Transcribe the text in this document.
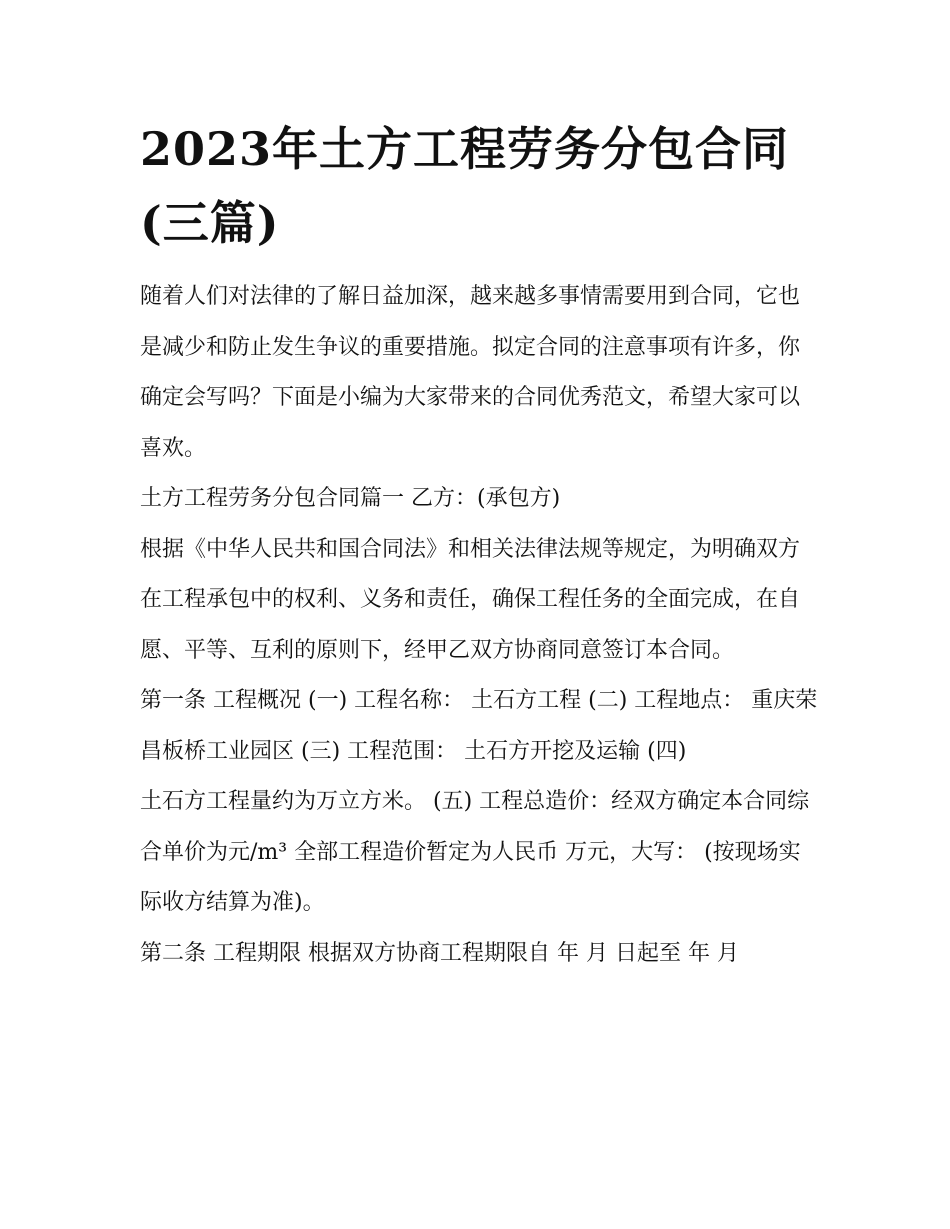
2023年土方工程劳务分包合同(三篇)

随着人们对法律的了解日益加深，越来越多事情需要用到合同，它也是减少和防止发生争议的重要措施。拟定合同的注意事项有许多，你确定会写吗？下面是小编为大家带来的合同优秀范文，希望大家可以喜欢。

土方工程劳务分包合同篇一 乙方：(承包方)

根据《中华人民共和国合同法》和相关法律法规等规定，为明确双方在工程承包中的权利、义务和责任，确保工程任务的全面完成，在自愿、平等、互利的原则下，经甲乙双方协商同意签订本合同。

第一条 工程概况 (一) 工程名称： 土石方工程 (二) 工程地点： 重庆荣昌板桥工业园区 (三) 工程范围： 土石方开挖及运输 (四)

土石方工程量约为万立方米。 (五) 工程总造价：经双方确定本合同综合单价为元/m³ 全部工程造价暂定为人民币 万元，大写： (按现场实际收方结算为准)。

第二条 工程期限 根据双方协商工程期限自 年 月 日起至 年 月
